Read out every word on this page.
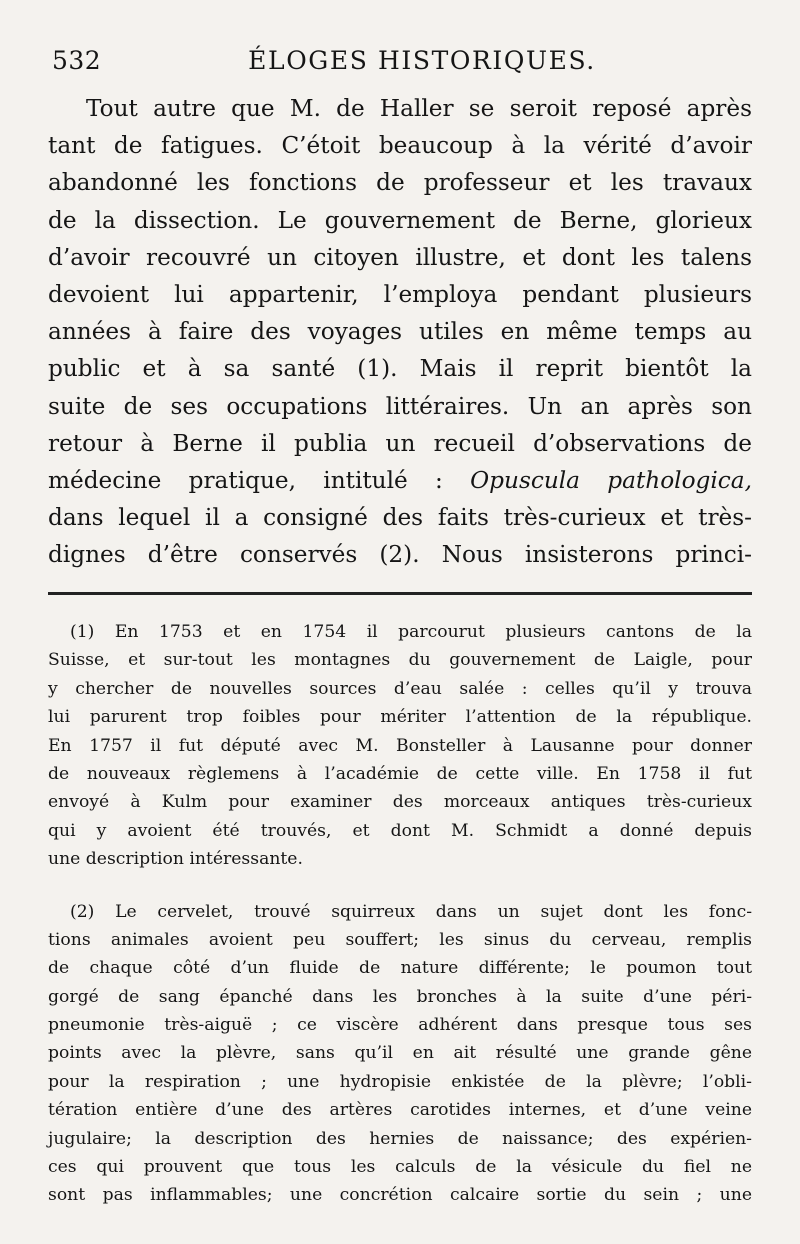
532	ÉLOGES HISTORIQUES.
Tout autre que M. de Haller se seroit reposé après
tant de fatigues. C’étoit beaucoup à la vérité d’avoir
abandonné les fonctions de professeur et les travaux
de la dissection. Le gouvernement de Berne, glorieux
d’avoir recouvré un citoyen illustre, et dont les talens
devoient lui appartenir, l’employa pendant plusieurs
années à faire des voyages utiles en même temps au
public et à sa santé (1). Mais il reprit bientôt la
suite de ses occupations littéraires. Un an après son
retour à Berne il publia un recueil d’observations de
médecine pratique, intitulé : Opuscula pathologica,
dans lequel il a consigné des faits très-curieux et très-
dignes d’être conservés (2). Nous insisterons princi-
(1) En 1753 et en 1754 il parcourut plusieurs cantons de la
Suisse, et sur-tout les montagnes du gouvernement de Laigle, pour
y chercher de nouvelles sources d’eau salée : celles qu’il y trouva
lui parurent trop foibles pour mériter l’attention de la république.
En 1757 il fut député avec M. Bonsteller à Lausanne pour donner
de nouveaux règlemens à l’académie de cette ville. En 1758 il fut
envoyé à Kulm pour examiner des morceaux antiques très-curieux
qui y avoient été trouvés, et dont M. Schmidt a donné depuis
une description intéressante.
(2) Le cervelet, trouvé squirreux dans un sujet dont les fonc-
tions animales avoient peu souffert; les sinus du cerveau, remplis
de chaque côté d’un fluide de nature différente; le poumon tout
gorgé de sang épanché dans les bronches à la suite d’une péri-
pneumonie très-aiguë ; ce viscère adhérent dans presque tous ses
points avec la plèvre, sans qu’il en ait résulté une grande gêne
pour la respiration ; une hydropisie enkistée de la plèvre; l’obli-
tération entière d’une des artères carotides internes, et d’une veine
jugulaire; la description des hernies de naissance; des expérien-
ces qui prouvent que tous les calculs de la vésicule du fiel ne
sont pas inflammables; une concrétion calcaire sortie du sein ; une
